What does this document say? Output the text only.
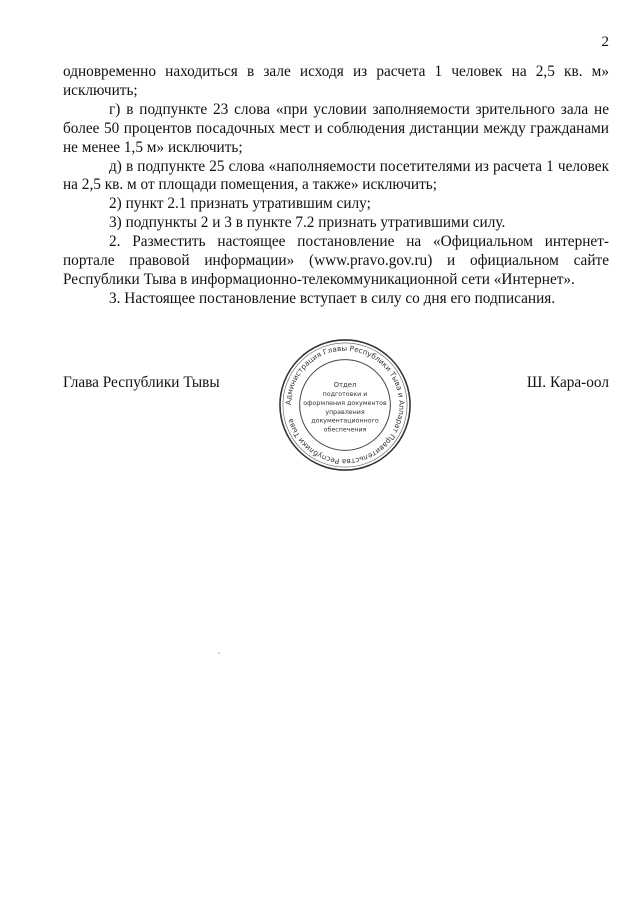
2

одновременно находиться в зале исходя из расчета 1 человек на 2,5 кв. м» исключить;

г) в подпункте 23 слова «при условии заполняемости зрительного зала не более 50 процентов посадочных мест и соблюдения дистанции между гражданами не менее 1,5 м» исключить;

д) в подпункте 25 слова «наполняемости посетителями из расчета 1 человек на 2,5 кв. м от площади помещения, а также» исключить;

2) пункт 2.1 признать утратившим силу;

3) подпункты 2 и 3 в пункте 7.2 признать утратившими силу.

2. Разместить настоящее постановление на «Официальном интернет-портале правовой информации» (www.pravo.gov.ru) и официальном сайте Республики Тыва в информационно-телекоммуникационной сети «Интернет».

3. Настоящее постановление вступает в силу со дня его подписания.

Глава Республики Тывы	Ш. Кара-оол
Администрация Главы Республики Тыва и Аппарат Правительства Республики Тыва
Отдел
подготовки и
оформления документов
управления
документационного
обеспечения
